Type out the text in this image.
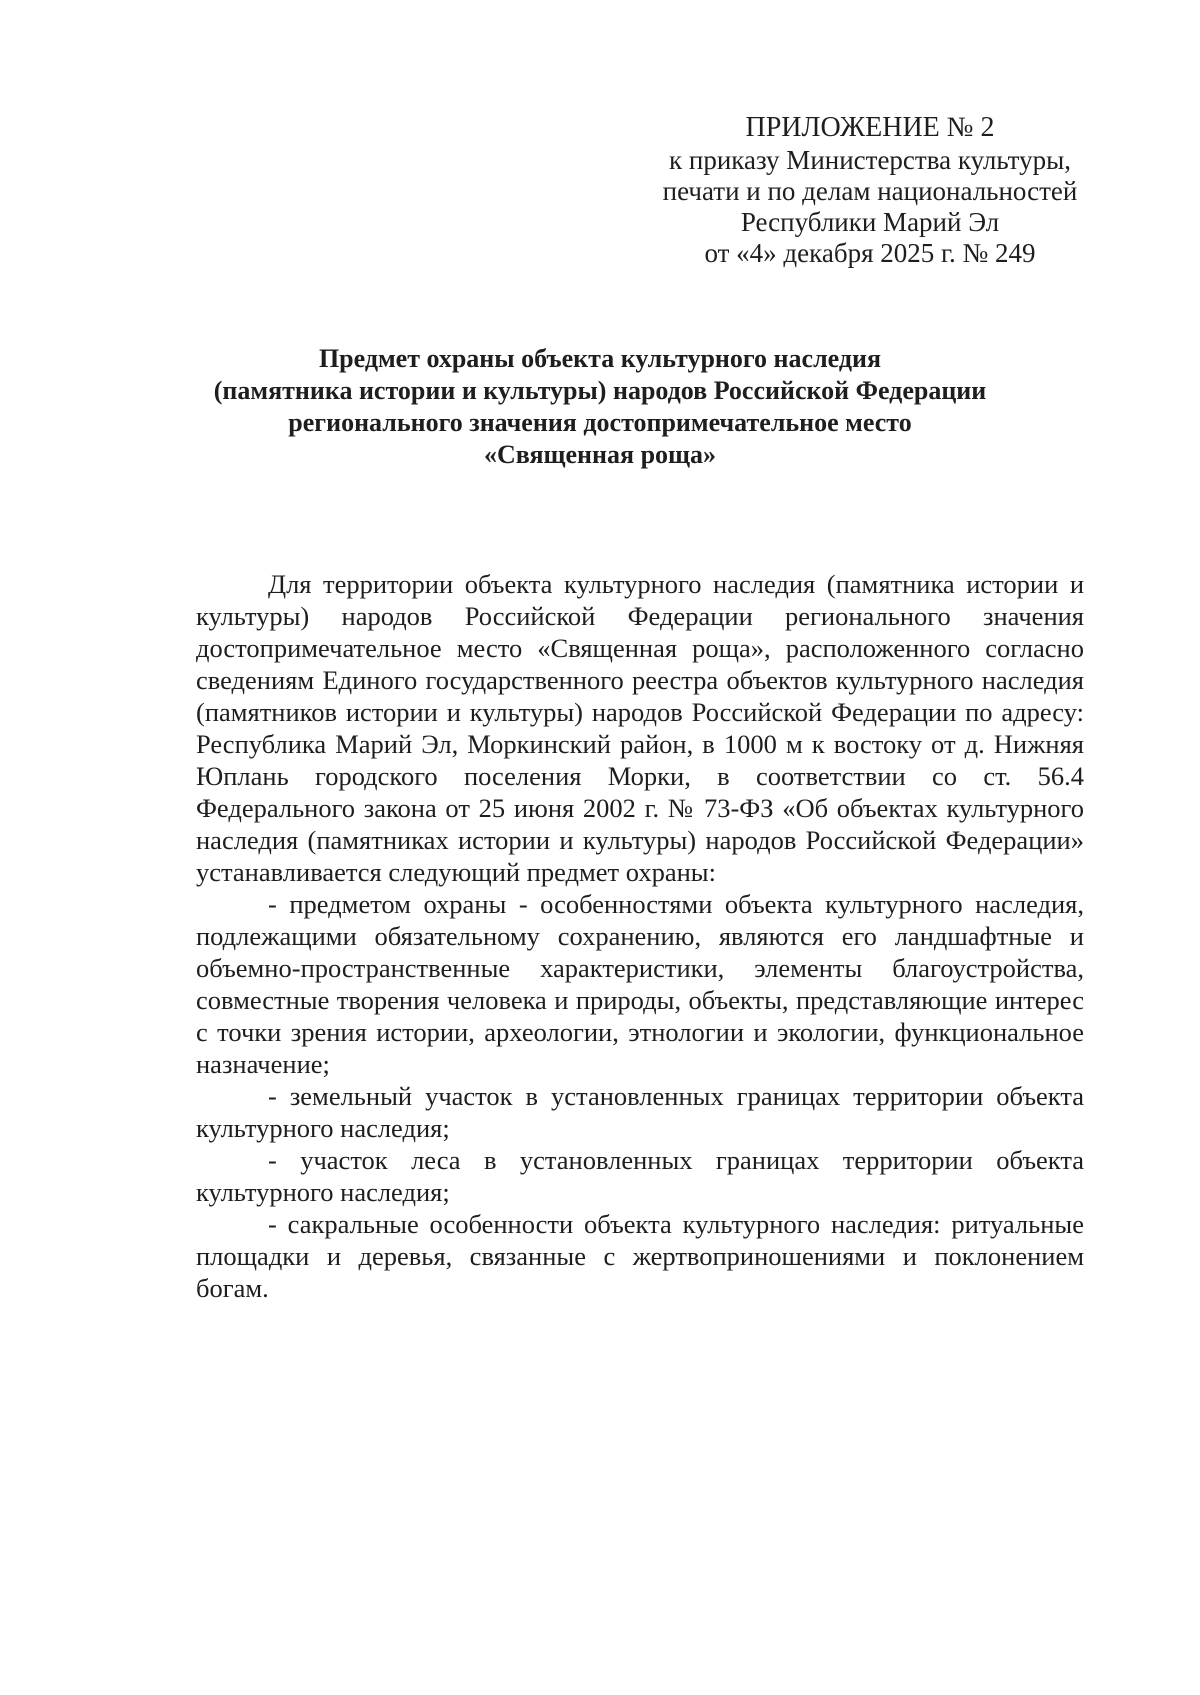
ПРИЛОЖЕНИЕ № 2
к приказу Министерства культуры,
печати и по делам национальностей
Республики Марий Эл
от «4» декабря 2025 г. № 249
Предмет охраны объекта культурного наследия
(памятника истории и культуры) народов Российской Федерации
регионального значения достопримечательное место
«Священная роща»

Для территории объекта культурного наследия (памятника истории и культуры) народов Российской Федерации регионального значения достопримечательное место «Священная роща», расположенного согласно сведениям Единого государственного реестра объектов культурного наследия (памятников истории и культуры) народов Российской Федерации по адресу: Республика Марий Эл, Моркинский район, в 1000 м к востоку от д. Нижняя Юплань городского поселения Морки, в соответствии со ст. 56.4 Федерального закона от 25 июня 2002 г. № 73-ФЗ «Об объектах культурного наследия (памятниках истории и культуры) народов Российской Федерации» устанавливается следующий предмет охраны:

- предметом охраны - особенностями объекта культурного наследия, подлежащими обязательному сохранению, являются его ландшафтные и объемно-пространственные характеристики, элементы благоустройства, совместные творения человека и природы, объекты, представляющие интерес с точки зрения истории, археологии, этнологии и экологии, функциональное назначение;

- земельный участок в установленных границах территории объекта культурного наследия;

- участок леса в установленных границах территории объекта культурного наследия;

- сакральные особенности объекта культурного наследия: ритуальные площадки и деревья, связанные с жертвоприношениями и поклонением богам.
